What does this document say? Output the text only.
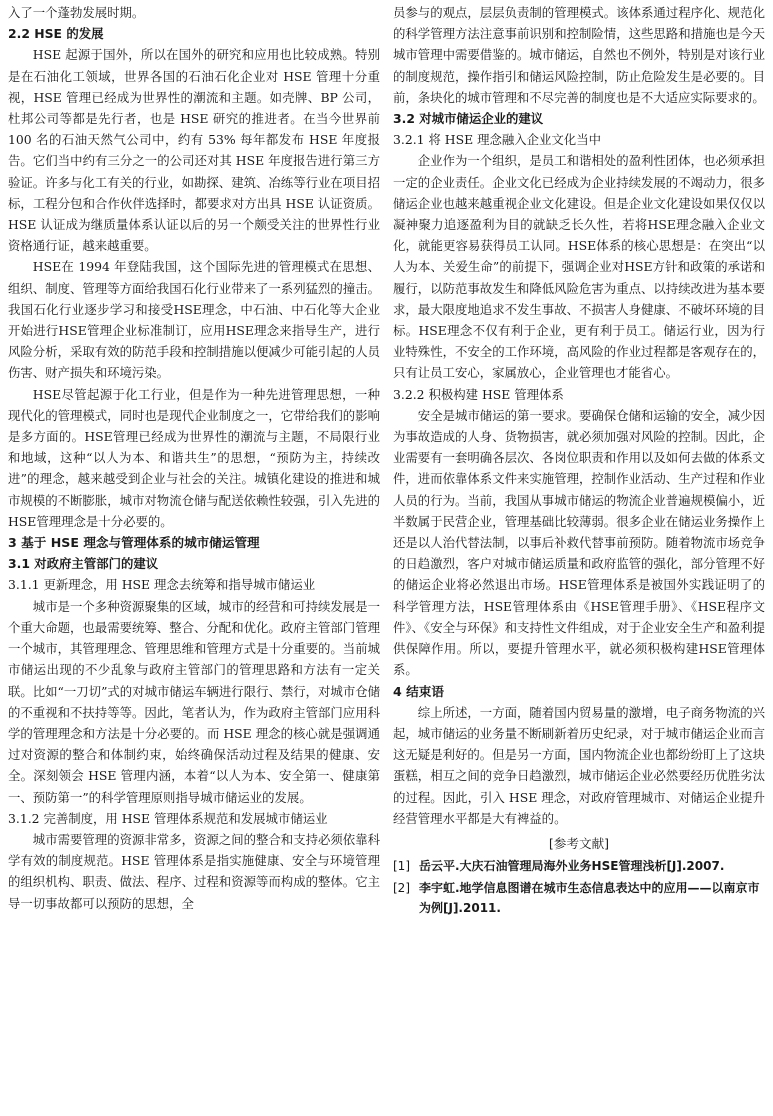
入了一个蓬勃发展时期。

2.2 HSE 的发展

HSE 起源于国外，所以在国外的研究和应用也比较成熟。特别是在石油化工领域，世界各国的石油石化企业对 HSE 管理十分重视，HSE 管理已经成为世界性的潮流和主题。如壳牌、BP 公司，杜邦公司等都是先行者，也是 HSE 研究的推进者。在当今世界前 100 名的石油天然气公司中，约有 53% 每年都发布 HSE 年度报告。它们当中约有三分之一的公司还对其 HSE 年度报告进行第三方验证。许多与化工有关的行业，如勘探、建筑、冶练等行业在项目招标，工程分包和合作伙伴选择时，都要求对方出具 HSE 认证资质。HSE 认证成为继质量体系认证以后的另一个颇受关注的世界性行业资格通行证，越来越重要。

HSE在 1994 年登陆我国，这个国际先进的管理模式在思想、组织、制度、管理等方面给我国石化行业带来了一系列猛烈的撞击。我国石化行业逐步学习和接受HSE理念，中石油、中石化等大企业开始进行HSE管理企业标准制订，应用HSE理念来指导生产，进行风险分析，采取有效的防范手段和控制措施以便减少可能引起的人员伤害、财产损失和环境污染。

HSE尽管起源于化工行业，但是作为一种先进管理思想，一种现代化的管理模式，同时也是现代企业制度之一，它带给我们的影响是多方面的。HSE管理已经成为世界性的潮流与主题，不局限行业和地域，这种“以人为本、和谐共生”的思想，“预防为主，持续改进”的理念，越来越受到企业与社会的关注。城镇化建设的推进和城市规模的不断膨胀，城市对物流仓储与配送依赖性较强，引入先进的HSE管理理念是十分必要的。

3 基于 HSE 理念与管理体系的城市储运管理
3.1 对政府主管部门的建议
3.1.1 更新理念，用 HSE 理念去统筹和指导城市储运业

城市是一个多种资源聚集的区域，城市的经营和可持续发展是一个重大命题，也最需要统筹、整合、分配和优化。政府主管部门管理一个城市，其管理理念、管理思维和管理方式是十分重要的。当前城市储运出现的不少乱象与政府主管部门的管理思路和方法有一定关联。比如“一刀切”式的对城市储运车辆进行限行、禁行，对城市仓储的不重视和不扶持等等。因此，笔者认为，作为政府主管部门应用科学的管理理念和方法是十分必要的。而 HSE 理念的核心就是强调通过对资源的整合和体制约束，始终确保活动过程及结果的健康、安全。深刻领会 HSE 管理内涵，本着“以人为本、安全第一、健康第一、预防第一”的科学管理原则指导城市储运业的发展。

3.1.2 完善制度，用 HSE 管理体系规范和发展城市储运业

城市需要管理的资源非常多，资源之间的整合和支持必须依靠科学有效的制度规范。HSE 管理体系是指实施健康、安全与环境管理的组织机构、职责、做法、程序、过程和资源等而构成的整体。它主导一切事故都可以预防的思想，全

员参与的观点，层层负责制的管理模式。该体系通过程序化、规范化的科学管理方法注意事前识别和控制险情，这些思路和措施也是今天城市管理中需要借鉴的。城市储运，自然也不例外，特别是对该行业的制度规范，操作指引和储运风险控制，防止危险发生是必要的。目前，条块化的城市管理和不尽完善的制度也是不大适应实际要求的。

3.2 对城市储运企业的建议
3.2.1 将 HSE 理念融入企业文化当中

企业作为一个组织，是员工和谐相处的盈利性团体，也必须承担一定的企业责任。企业文化已经成为企业持续发展的不竭动力，很多储运企业也越来越重视企业文化建设。但是企业文化建设如果仅仅以凝神聚力追逐盈利为目的就缺乏长久性，若将HSE理念融入企业文化，就能更容易获得员工认同。HSE体系的核心思想是：在突出“以人为本、关爱生命”的前提下，强调企业对HSE方针和政策的承诺和履行，以防范事故发生和降低风险危害为重点、以持续改进为基本要求，最大限度地追求不发生事故、不损害人身健康、不破坏环境的目标。HSE理念不仅有利于企业，更有利于员工。储运行业，因为行业特殊性，不安全的工作环境，高风险的作业过程都是客观存在的，只有让员工安心，家属放心，企业管理也才能省心。

3.2.2 积极构建 HSE 管理体系

安全是城市储运的第一要求。要确保仓储和运输的安全，减少因为事故造成的人身、货物损害，就必须加强对风险的控制。因此，企业需要有一套明确各层次、各岗位职责和作用以及如何去做的体系文件，进而依靠体系文件来实施管理，控制作业活动、生产过程和作业人员的行为。当前，我国从事城市储运的物流企业普遍规模偏小，近半数属于民营企业，管理基础比较薄弱。很多企业在储运业务操作上还是以人治代替法制，以事后补救代替事前预防。随着物流市场竞争的日趋激烈，客户对城市储运质量和政府监管的强化，部分管理不好的储运企业将必然退出市场。HSE管理体系是被国外实践证明了的科学管理方法，HSE管理体系由《HSE管理手册》、《HSE程序文件》、《安全与环保》和支持性文件组成，对于企业安全生产和盈利提供保障作用。所以，要提升管理水平，就必须积极构建HSE管理体系。

4 结束语

综上所述，一方面，随着国内贸易量的激增，电子商务物流的兴起，城市储运的业务量不断刷新着历史纪录，对于城市储运企业而言这无疑是利好的。但是另一方面，国内物流企业也都纷纷盯上了这块蛋糕，相互之间的竞争日趋激烈，城市储运企业必然要经历优胜劣汰的过程。因此，引入 HSE 理念，对政府管理城市、对储运企业提升经营管理水平都是大有裨益的。

[参考文献]
[1] 岳云平.大庆石油管理局海外业务HSE管理浅析[J].2007.
[2] 李宇虹.地学信息图谱在城市生态信息表达中的应用——以南京市为例[J].2011.
